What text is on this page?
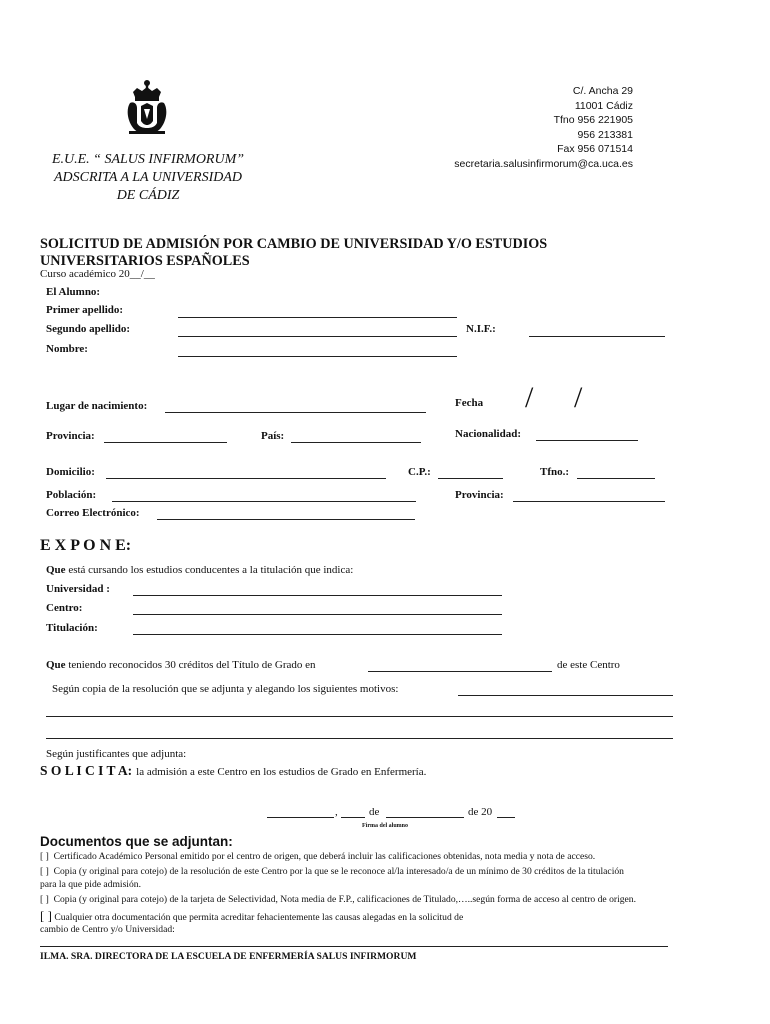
C/. Ancha 29
11001 Cádiz
Tfno 956 221905
956 213381
Fax 956 071514
secretaria.salusinfirmorum@ca.uca.es
E.U.E. “ SALUS INFIRMORUM”
ADSCRITA A LA UNIVERSIDAD
DE CÁDIZ
SOLICITUD DE ADMISIÓN POR CAMBIO DE UNIVERSIDAD Y/O ESTUDIOS
UNIVERSITARIOS ESPAÑOLES
Curso académico 20__/__
El Alumno:
Primer apellido:
Segundo apellido:	N.I.F.:
Nombre:
Lugar de nacimiento:	Fecha / /
Provincia:	País:	Nacionalidad:
Domicilio:	C.P.:	Tfno.:
Población:	Provincia:
Correo Electrónico:
E X P O N E:
Que está cursando los estudios conducentes a la titulación que indica:
Universidad :
Centro:
Titulación:
Que teniendo reconocidos 30 créditos del Título de Grado en	de este Centro
Según copia de la resolución que se adjunta y alegando los siguientes motivos:
Según justificantes que adjunta:
S O L I C I T A: la admisión a este Centro en los estudios de Grado en Enfermería.
,	de	de 20
Firma del alumno
Documentos que se adjuntan:
[ ] Certificado Académico Personal emitido por el centro de origen, que deberá incluir las calificaciones obtenidas, nota media y nota de acceso.
[ ] Copia (y original para cotejo) de la resolución de este Centro por la que se le reconoce al/la interesado/a de un mínimo de 30 créditos de la titulación
para la que pide admisión.
[ ] Copia (y original para cotejo) de la tarjeta de Selectividad, Nota media de F.P., calificaciones de Titulado,…..según forma de acceso al centro de origen.
[ ] Cualquier otra documentación que permita acreditar fehacientemente las causas alegadas en la solicitud de
cambio de Centro y/o Universidad:
ILMA. SRA. DIRECTORA DE LA ESCUELA DE ENFERMERÍA SALUS INFIRMORUM
